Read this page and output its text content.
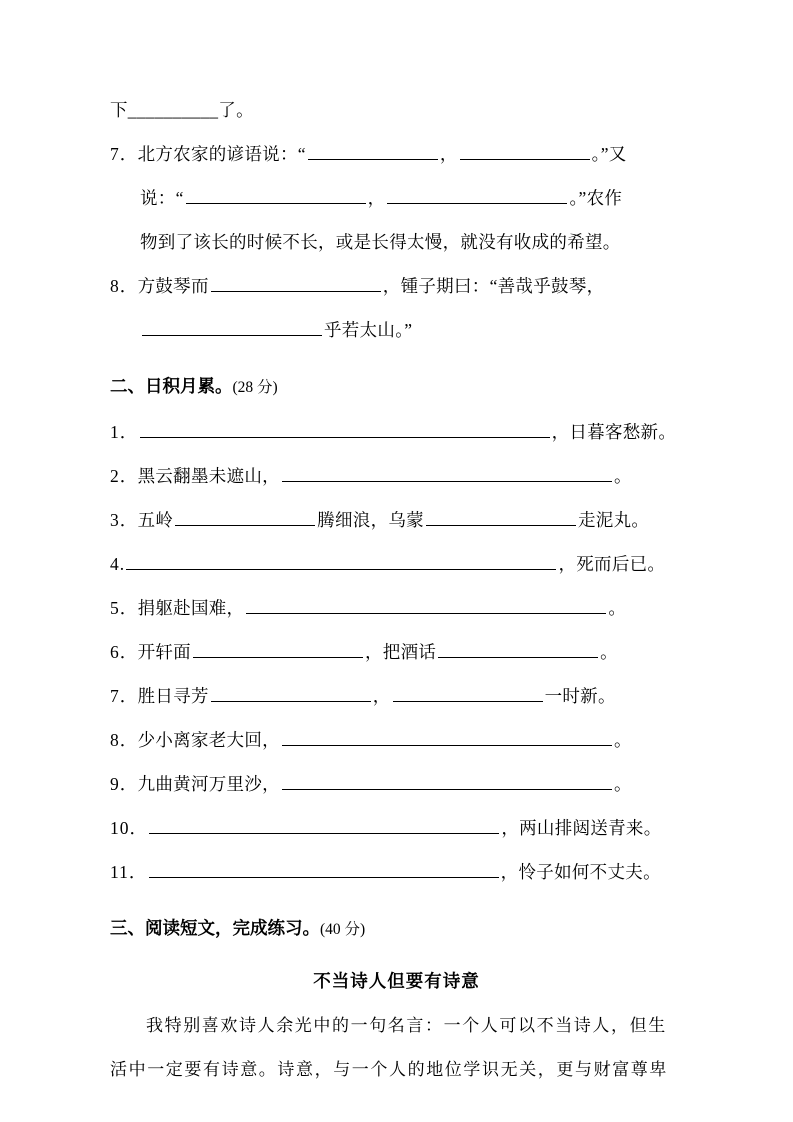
下__________了。
7．北方农家的谚语说：“	，	。”又
说：“	，	。”农作
物到了该长的时候不长，或是长得太慢，就没有收成的希望。
8．方鼓琴而	，锺子期曰：“善哉乎鼓琴，
乎若太山。”
二、日积月累。(28 分)
1．	，日暮客愁新。
2．黑云翻墨未遮山，	。
3．五岭	腾细浪，乌蒙	走泥丸。
4.	，死而后已。
5．捐躯赴国难，	。
6．开轩面	，把酒话	。
7．胜日寻芳	，	一时新。
8．少小离家老大回，	。
9．九曲黄河万里沙，	。
10．	，两山排闼送青来。
11．	，怜子如何不丈夫。
三、阅读短文，完成练习。(40 分)
不当诗人但要有诗意
我特别喜欢诗人余光中的一句名言：一个人可以不当诗人，但生
活中一定要有诗意。诗意，与一个人的地位学识无关，更与财富尊卑
